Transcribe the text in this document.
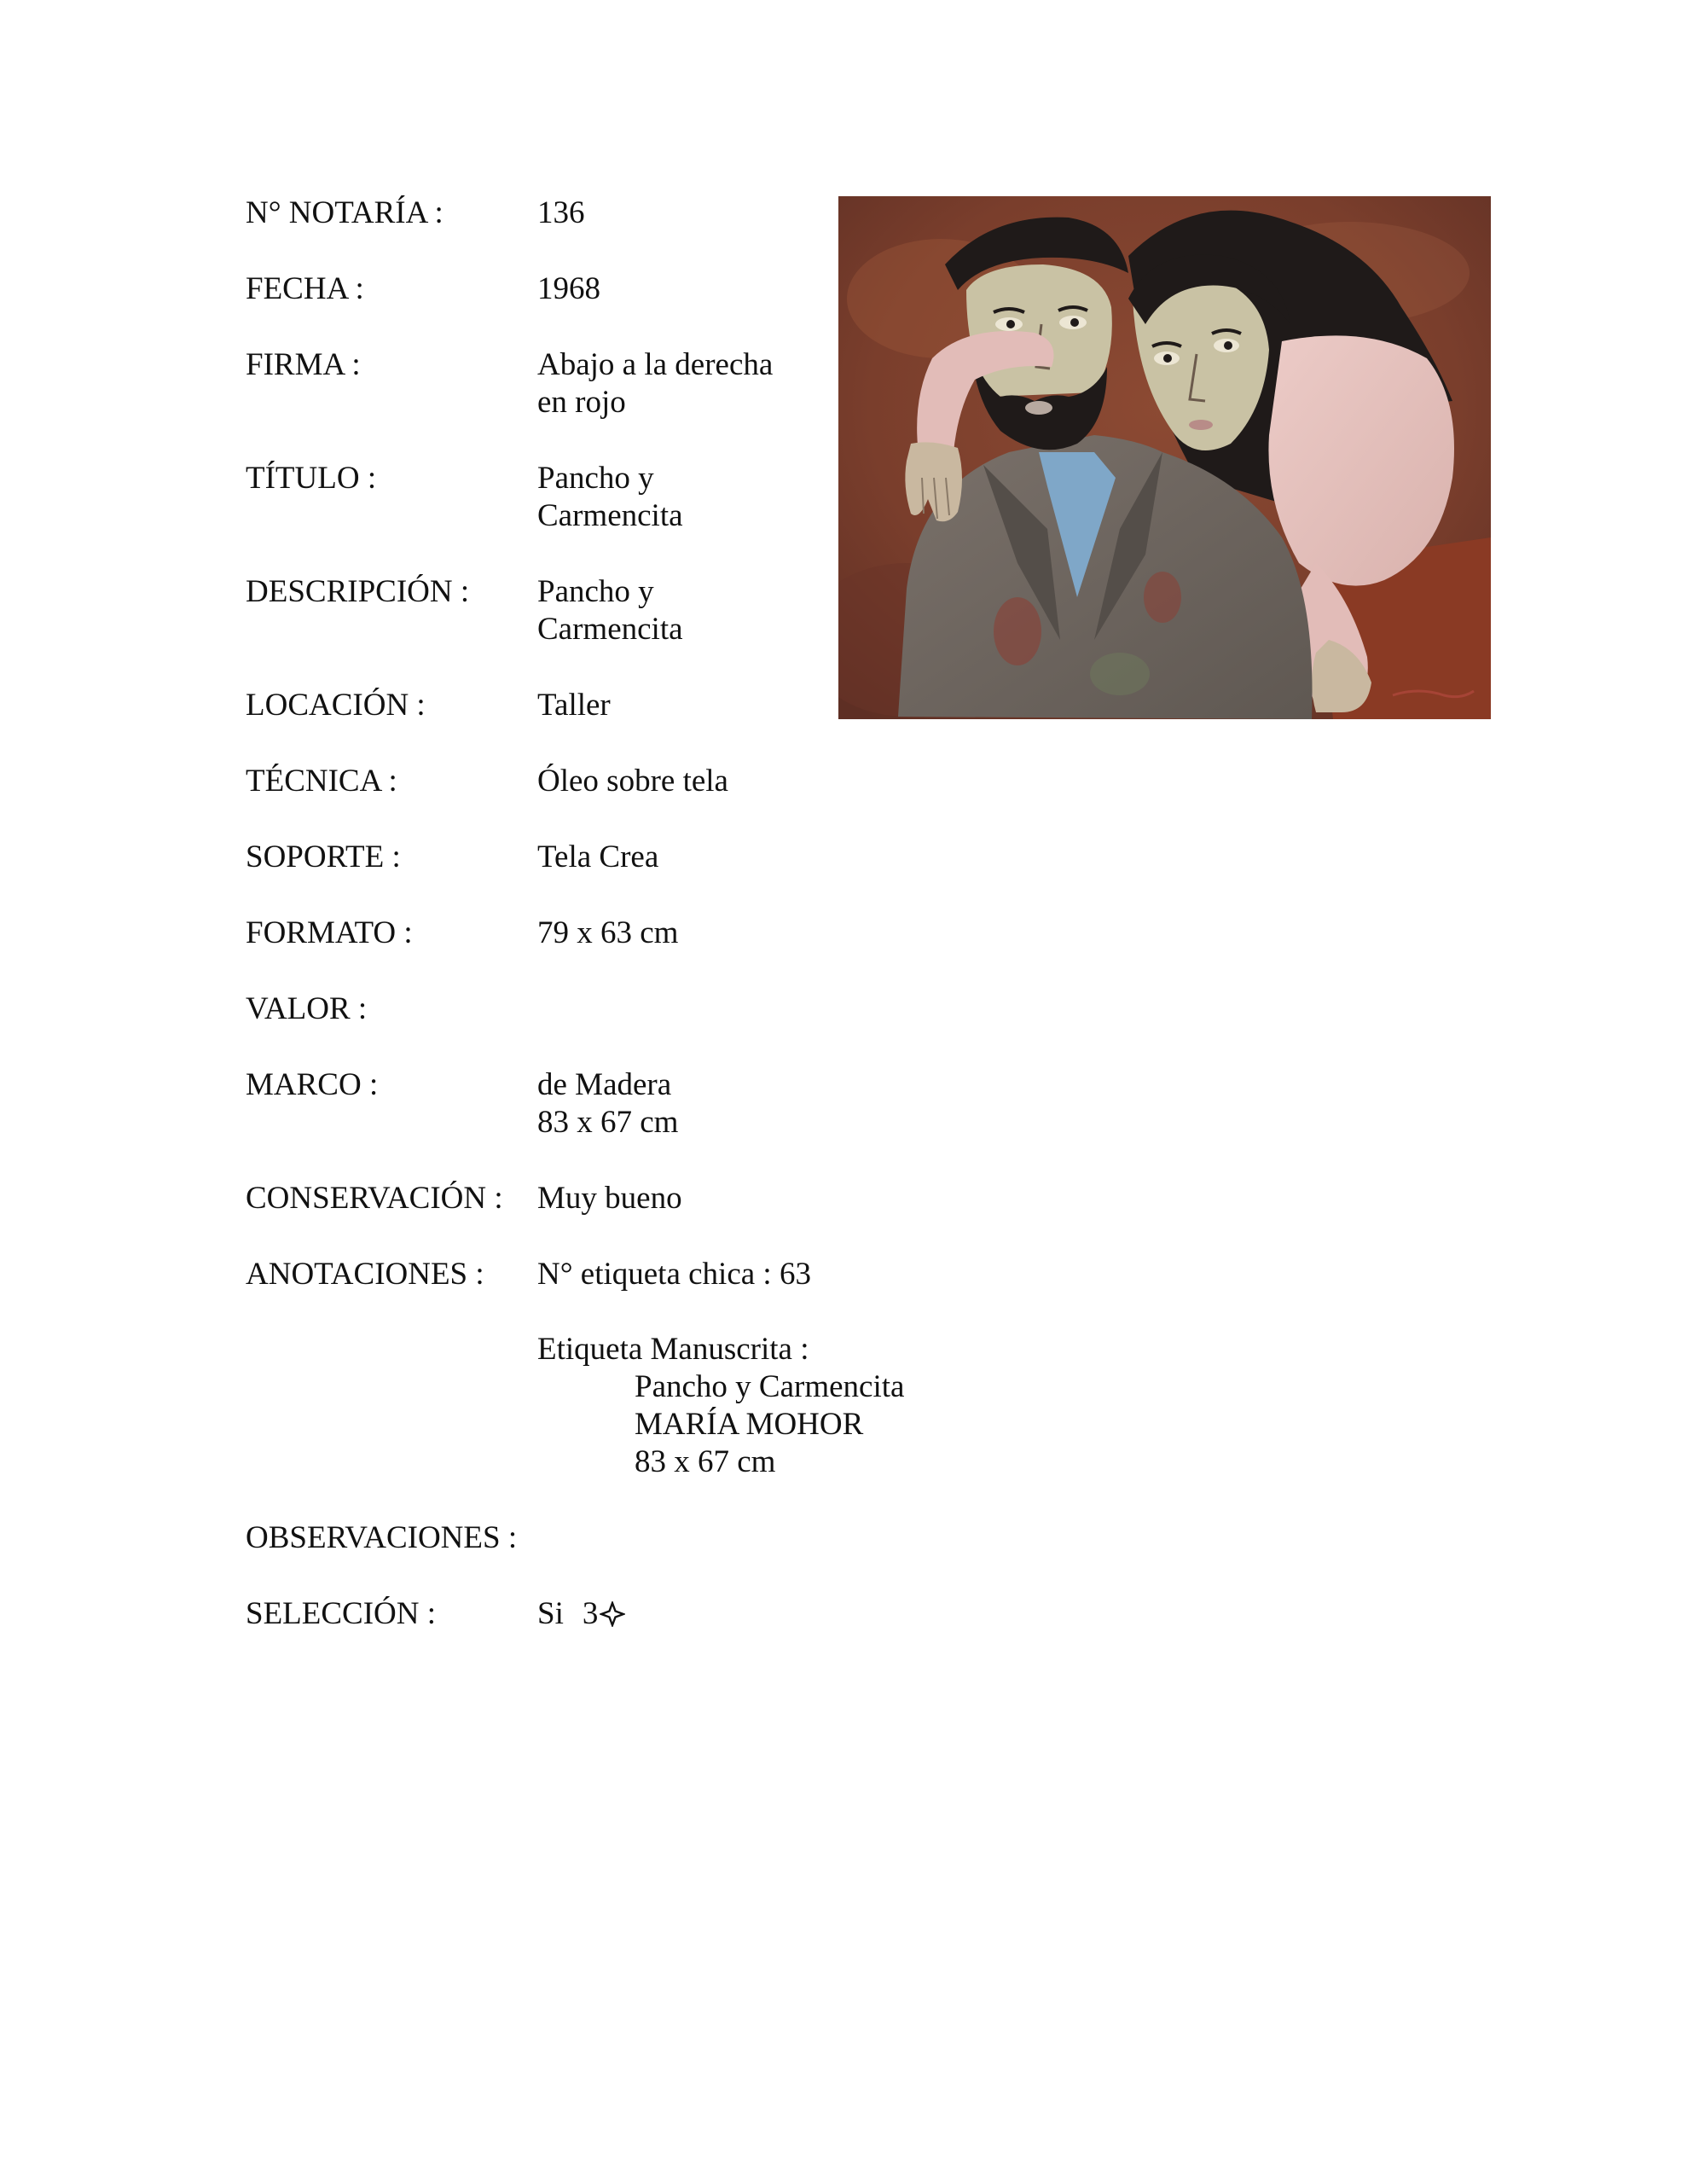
N° NOTARÍA :	136
FECHA :	1968
FIRMA :	Abajo a la derecha
en rojo
TÍTULO :	Pancho y
Carmencita
DESCRIPCIÓN :	Pancho y
Carmencita
LOCACIÓN :	Taller
TÉCNICA :	Óleo sobre tela
SOPORTE :	Tela Crea
FORMATO :	79 x 63 cm
VALOR :
MARCO :	de Madera
83 x 67 cm
CONSERVACIÓN :	Muy bueno
ANOTACIONES :	N° etiqueta chica : 63
Etiqueta Manuscrita :
Pancho y Carmencita
MARÍA MOHOR
83 x 67 cm
OBSERVACIONES :
SELECCIÓN :	Si 3
